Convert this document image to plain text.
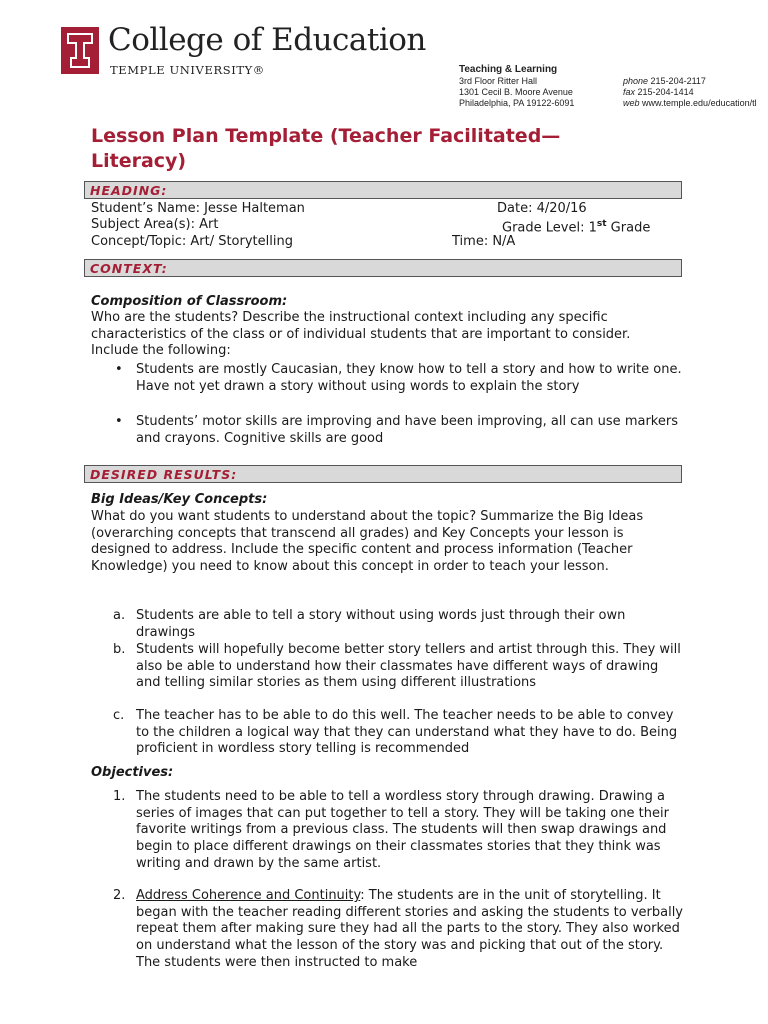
College of Education
TEMPLE UNIVERSITY®	Teaching & Learning
3rd Floor Ritter Hall
1301 Cecil B. Moore Avenue
Philadelphia, PA 19122-6091
phone 215-204-2117
fax 215-204-1414
web www.temple.edu/education/tl
Lesson Plan Template (Teacher Facilitated—Literacy)
HEADING:
Student’s Name: Jesse Halteman	Date: 4/20/16
Subject Area(s): Art	Grade Level: 1st Grade
Concept/Topic: Art/ Storytelling	Time: N/A
CONTEXT:
Composition of Classroom:
Who are the students? Describe the instructional context including any specific characteristics of the class or of individual students that are important to consider. Include the following:
• Students are mostly Caucasian, they know how to tell a story and how to write one. Have not yet drawn a story without using words to explain the story
• Students’ motor skills are improving and have been improving, all can use markers and crayons. Cognitive skills are good
DESIRED RESULTS:
Big Ideas/Key Concepts:
What do you want students to understand about the topic? Summarize the Big Ideas (overarching concepts that transcend all grades) and Key Concepts your lesson is designed to address. Include the specific content and process information (Teacher Knowledge) you need to know about this concept in order to teach your lesson.
a. Students are able to tell a story without using words just through their own drawings
b. Students will hopefully become better story tellers and artist through this. They will also be able to understand how their classmates have different ways of drawing and telling similar stories as them using different illustrations
c. The teacher has to be able to do this well. The teacher needs to be able to convey to the children a logical way that they can understand what they have to do. Being proficient in wordless story telling is recommended
Objectives:
1. The students need to be able to tell a wordless story through drawing. Drawing a series of images that can put together to tell a story. They will be taking one their favorite writings from a previous class. The students will then swap drawings and begin to place different drawings on their classmates stories that they think was writing and drawn by the same artist.
2. Address Coherence and Continuity: The students are in the unit of storytelling. It began with the teacher reading different stories and asking the students to verbally repeat them after making sure they had all the parts to the story. They also worked on understand what the lesson of the story was and picking that out of the story. The students were then instructed to make
